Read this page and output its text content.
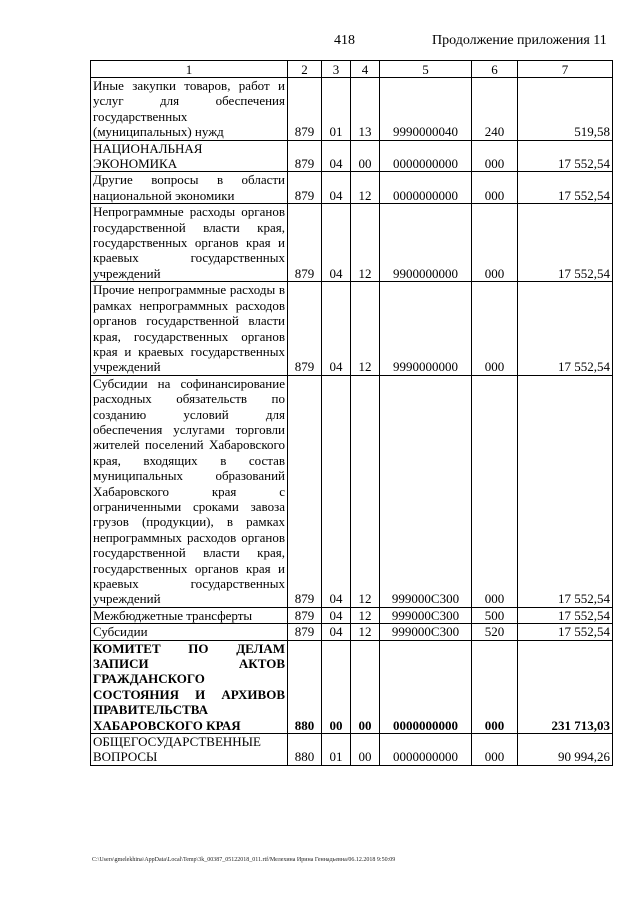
418	Продолжение приложения 11
1	2	3	4	5	6	7
Иные закупки товаров, работ и услуг для обеспечения государственных (муниципальных) нужд	879	01	13	9990000040	240	519,58
НАЦИОНАЛЬНАЯ ЭКОНОМИКА	879	04	00	0000000000	000	17 552,54
Другие вопросы в области национальной экономики	879	04	12	0000000000	000	17 552,54
Непрограммные расходы органов государственной власти края, государственных органов края и краевых государственных учреждений	879	04	12	9900000000	000	17 552,54
Прочие непрограммные расходы в рамках непрограммных расходов органов государственной власти края, государственных органов края и краевых государственных учреждений	879	04	12	9990000000	000	17 552,54
Субсидии на софинансирование расходных обязательств по созданию условий для обеспечения услугами торговли жителей поселений Хабаровского края, входящих в состав муниципальных образований Хабаровского края с ограниченными сроками завоза грузов (продукции), в рамках непрограммных расходов органов государственной власти края, государственных органов края и краевых государственных учреждений	879	04	12	999000С300	000	17 552,54
Межбюджетные трансферты	879	04	12	999000С300	500	17 552,54
Субсидии	879	04	12	999000С300	520	17 552,54
КОМИТЕТ ПО ДЕЛАМ ЗАПИСИ АКТОВ ГРАЖДАНСКОГО СОСТОЯНИЯ И АРХИВОВ ПРАВИТЕЛЬСТВА ХАБАРОВСКОГО КРАЯ	880	00	00	0000000000	000	231 713,03
ОБЩЕГОСУДАРСТВЕННЫЕ ВОПРОСЫ	880	01	00	0000000000	000	90 994,26
C:\Users\gmelekhina\AppData\Local\Temp\3k_00387_05122018_011.rtf/Мелехина Ирина Геннадьевна/06.12.2018 9:50:09
